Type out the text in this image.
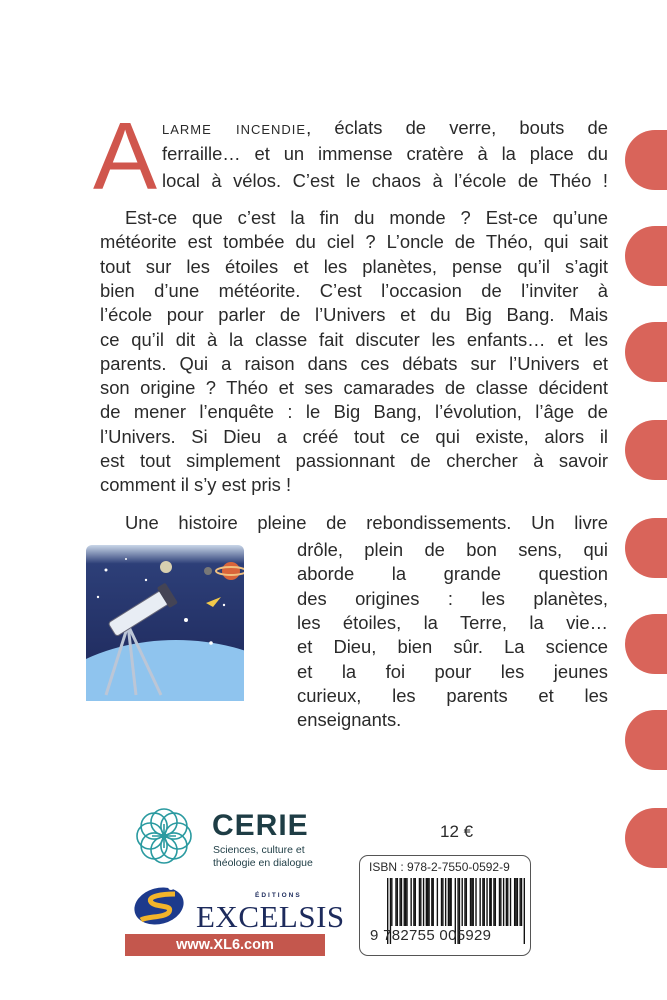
A larme incendie, éclats de verre, bouts de
ferraille… et un immense cratère à la place du
local à vélos. C’est le chaos à l’école de Théo !
Est-ce que c’est la fin du monde ? Est-ce qu’une
météorite est tombée du ciel ? L’oncle de Théo, qui sait
tout sur les étoiles et les planètes, pense qu’il s’agit
bien d’une météorite. C’est l’occasion de l’inviter à
l’école pour parler de l’Univers et du Big Bang. Mais
ce qu’il dit à la classe fait discuter les enfants… et les
parents. Qui a raison dans ces débats sur l’Univers et
son origine ? Théo et ses camarades de classe décident
de mener l’enquête : le Big Bang, l’évolution, l’âge de
l’Univers. Si Dieu a créé tout ce qui existe, alors il
est tout simplement passionnant de chercher à savoir
comment il s’y est pris !
Une histoire pleine de rebondissements. Un livre
drôle, plein de bon sens, qui
aborde la grande question
des origines : les planètes,
les étoiles, la Terre, la vie…
et Dieu, bien sûr. La science
et la foi pour les jeunes
curieux, les parents et les
enseignants.
CERIE
Sciences, culture et
théologie en dialogue
ÉDITIONS
EXCELSIS
www.XL6.com
12 €
ISBN : 978-2-7550-0592-9
9 782755 005929
